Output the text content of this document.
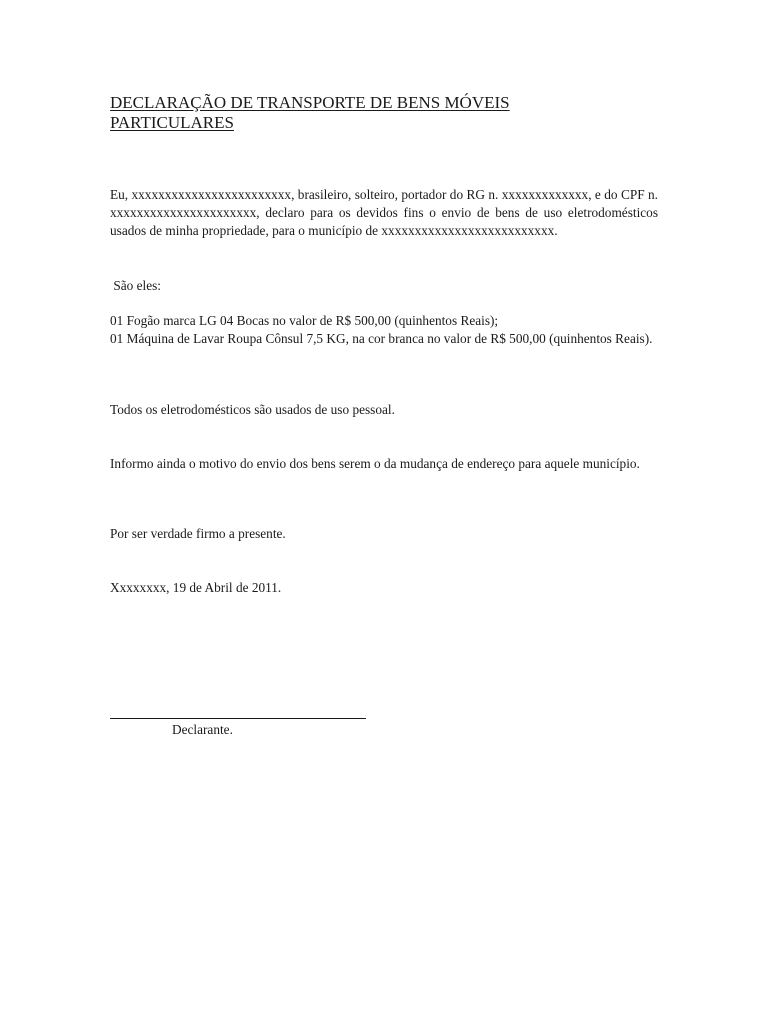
DECLARAÇÃO DE TRANSPORTE DE BENS MÓVEIS PARTICULARES

Eu, xxxxxxxxxxxxxxxxxxxxxxxx, brasileiro, solteiro, portador do RG n. xxxxxxxxxxxxx, e do CPF n. xxxxxxxxxxxxxxxxxxxxxx, declaro para os devidos fins o envio de bens de uso eletrodomésticos usados de minha propriedade, para o município de xxxxxxxxxxxxxxxxxxxxxxxxxx.

São eles:

01 Fogão marca LG 04 Bocas no valor de R$ 500,00 (quinhentos Reais);

01 Máquina de Lavar Roupa Cônsul 7,5 KG, na cor branca no valor de R$ 500,00 (quinhentos Reais).

Todos os eletrodomésticos são usados de uso pessoal.

Informo ainda o motivo do envio dos bens serem o da mudança de endereço para aquele município.

Por ser verdade firmo a presente.

Xxxxxxxx, 19 de Abril de 2011.

Declarante.
